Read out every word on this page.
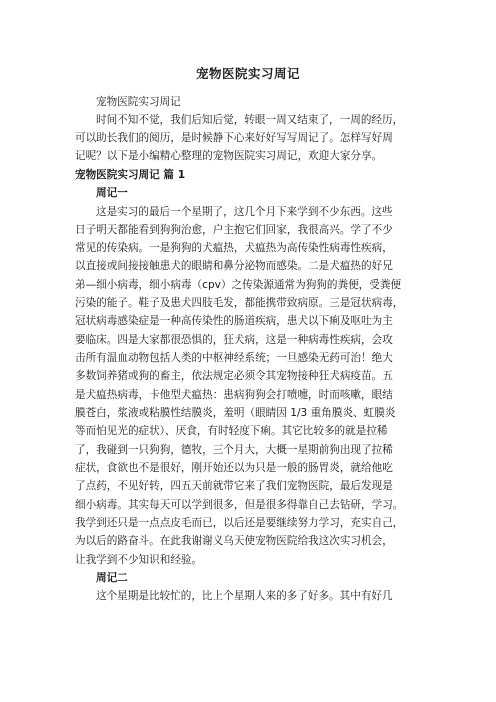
宠物医院实习周记
宠物医院实习周记
时间不知不觉，我们后知后觉，转眼一周又结束了，一周的经历，
可以助长我们的阅历，是时候静下心来好好写写周记了。怎样写好周
记呢？以下是小编精心整理的宠物医院实习周记，欢迎大家分享。
宠物医院实习周记 篇 1
周记一
这是实习的最后一个星期了，这几个月下来学到不少东西。这些
日子明天都能看到狗狗治愈，户主抱它们回家，我很高兴。学了不少
常见的传染病。一是狗狗的犬瘟热，犬瘟热为高传染性病毒性疾病，
以直接或间接接触患犬的眼睛和鼻分泌物而感染。二是犬瘟热的好兄
弟—细小病毒，细小病毒（cpv）之传染源通常为狗狗的粪便，受粪便
污染的能子。鞋子及患犬四肢毛发，都能携带致病原。三是冠状病毒，
冠状病毒感染症是一种高传染性的肠道疾病，患犬以下痢及呕吐为主
要临床。四是大家都很恐惧的，狂犬病，这是一种病毒性疾病，会攻
击所有温血动物包括人类的中枢神经系统；一旦感染无药可治！绝大
多数饲养猪或狗的畜主，依法规定必须令其宠物接种狂犬病疫苗。五
是犬瘟热病毒，卡他型犬瘟热：患病狗狗会打喷嚏，时而咳嗽，眼结
膜苍白，浆液或粘膜性结膜炎，羞明（眼睛因 1/3 重角膜炎、虹膜炎
等而怕见光的症状）、厌食，有时轻度下痢。其它比较多的就是拉稀
了，我碰到一只狗狗，德牧，三个月大，大概一星期前狗出现了拉稀
症状，食欲也不是很好，刚开始还以为只是一般的肠胃炎，就给他吃
了点药，不见好转，四五天前就带它来了我们宠物医院，最后发现是
细小病毒。其实每天可以学到很多，但是很多得靠自己去钻研，学习。
我学到还只是一点点皮毛而已，以后还是要继续努力学习，充实自己，
为以后的路奋斗。在此我谢谢义乌天使宠物医院给我这次实习机会，
让我学到不少知识和经验。
周记二
这个星期是比较忙的，比上个星期人来的多了好多。其中有好几
